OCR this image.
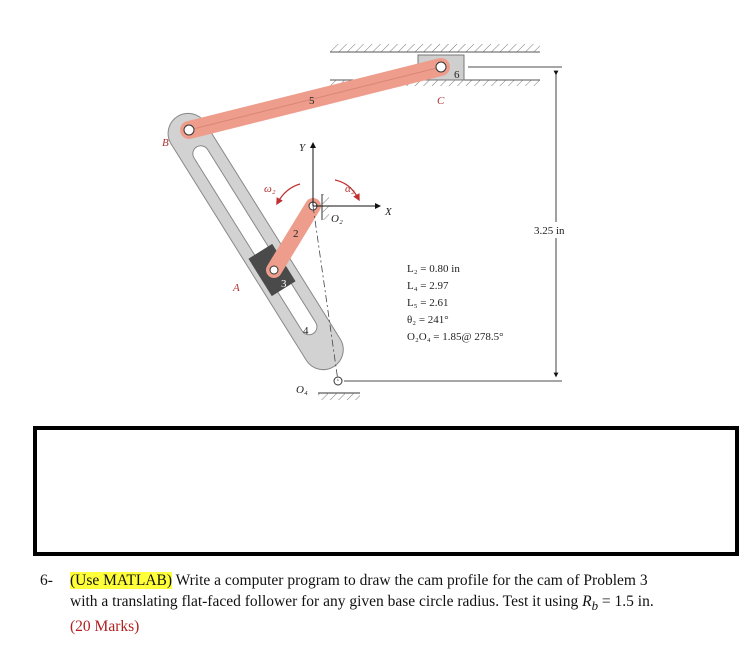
6
5
3
2
4
Y
X
ω₂	α₂
B
A
C
O₂
O₄
3.25 in
L₂ = 0.80 in
L₄ = 2.97
L₅ = 2.61
θ₂ = 241°
O₂O₄ = 1.85@ 278.5°
6- (Use MATLAB) Write a computer program to draw the cam profile for the cam of Problem 3
with a translating flat-faced follower for any given base circle radius. Test it using $R_b = 1.5$ in.
(20 Marks)
